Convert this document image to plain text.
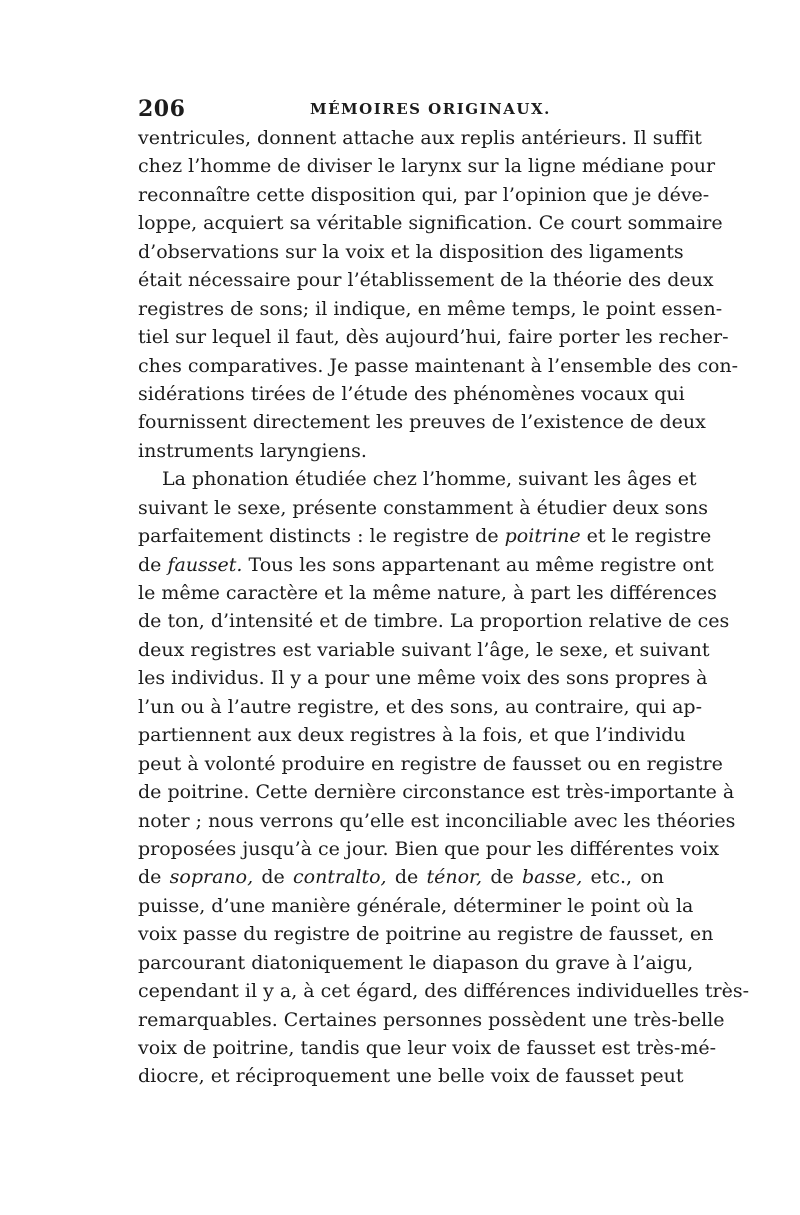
206	MÉMOIRES ORIGINAUX.
ventricules, donnent attache aux replis antérieurs. Il suffit
chez l’homme de diviser le larynx sur la ligne médiane pour
reconnaître cette disposition qui, par l’opinion que je déve-
loppe, acquiert sa véritable signification. Ce court sommaire
d’observations sur la voix et la disposition des ligaments
était nécessaire pour l’établissement de la théorie des deux
registres de sons; il indique, en même temps, le point essen-
tiel sur lequel il faut, dès aujourd’hui, faire porter les recher-
ches comparatives. Je passe maintenant à l’ensemble des con-
sidérations tirées de l’étude des phénomènes vocaux qui
fournissent directement les preuves de l’existence de deux
instruments laryngiens.
La phonation étudiée chez l’homme, suivant les âges et
suivant le sexe, présente constamment à étudier deux sons
parfaitement distincts : le registre de poitrine et le registre
de fausset. Tous les sons appartenant au même registre ont
le même caractère et la même nature, à part les différences
de ton, d’intensité et de timbre. La proportion relative de ces
deux registres est variable suivant l’âge, le sexe, et suivant
les individus. Il y a pour une même voix des sons propres à
l’un ou à l’autre registre, et des sons, au contraire, qui ap-
partiennent aux deux registres à la fois, et que l’individu
peut à volonté produire en registre de fausset ou en registre
de poitrine. Cette dernière circonstance est très-importante à
noter ; nous verrons qu’elle est inconciliable avec les théories
proposées jusqu’à ce jour. Bien que pour les différentes voix
de soprano, de contralto, de ténor, de basse, etc., on
puisse, d’une manière générale, déterminer le point où la
voix passe du registre de poitrine au registre de fausset, en
parcourant diatoniquement le diapason du grave à l’aigu,
cependant il y a, à cet égard, des différences individuelles très-
remarquables. Certaines personnes possèdent une très-belle
voix de poitrine, tandis que leur voix de fausset est très-mé-
diocre, et réciproquement une belle voix de fausset peut
